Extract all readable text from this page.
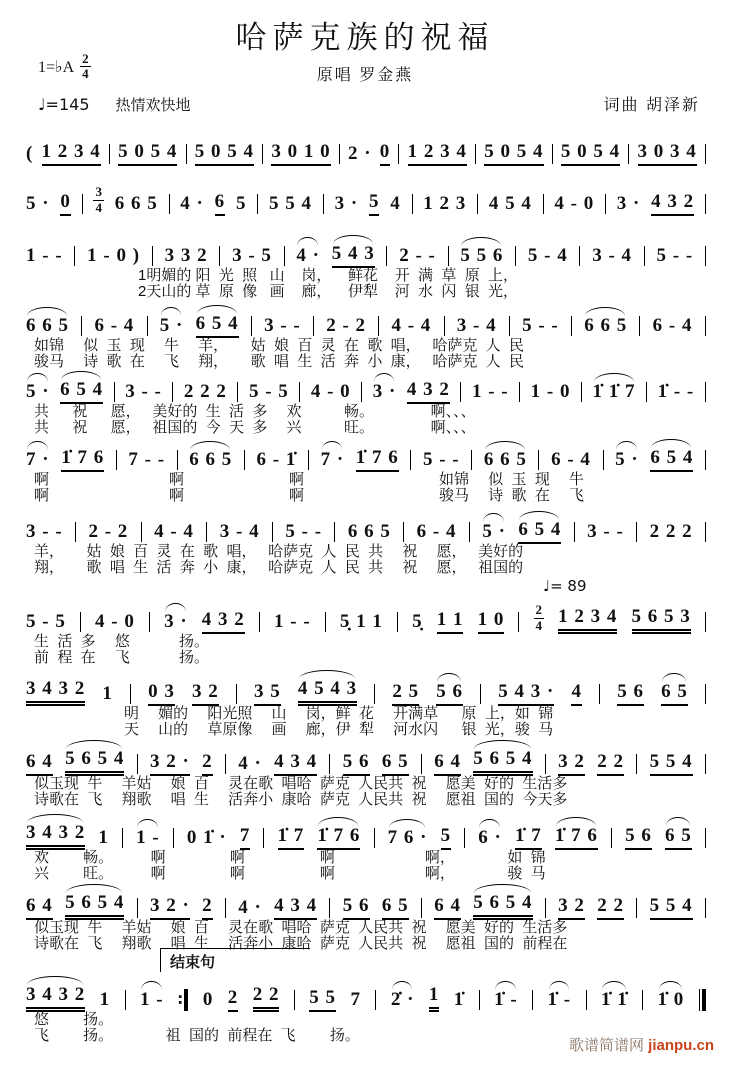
哈萨克族的祝福
原唱 罗金燕
1=♭A $\frac{2}{4}$
♩=145 热情欢快地	词曲 胡泽新
♩= 89
结束句
( 1 2 3 4 5 0 5 4 5 0 5 4 3 0 1 0 2 · 0 1 2 3 4 5 0 5 4 5 0 5 4 3 0 3 4
$5 \cdot 0 \frac{3}{4} 6$ 6 5 4 · 6 5 5 5 4 3 · 5 4 1 2 3 4 5 4 4 - 0 3 · 4 3 2
1 - - 1 - 0 ) 3 3 2 3 - 5 4 · 5 4 3 2 - - 5 5 6 5 - 4 3 - 4 5 - -
1明媚的 阳  光  照   山    岗，    鲜花    开  满  草  原  上，
2天山的 草  原  像   画    廊，    伊犁    河  水  闪  银  光，
6 6 5 6 - 4 5 · 6 5 4 3 - - 2 - 2 4 - 4 3 - 4 5 - - 6 6 5 6 - 4
如锦　 似  玉  现　 牛　 羊，　　姑  娘  百  灵  在  歌  唱，　 哈萨克  人  民
骏马　 诗  歌  在　 飞　 翔，　　歌  唱  生  活  奔  小  康，　 哈萨克  人  民
5 · 6 5 4 3 - - 2 2 2 5 - 5 4 - 0 3 · 4 3 2 1 - - 1 - 0 1̇ 1̇ 7 1̇ - -
共　  祝　  愿，　 美好的  生  活  多　 欢　　   畅。　　　　 啊、、、
共　  祝　  愿，　 祖国的  今  天  多　 兴　　   旺。　　　　 啊、、、
7 · 1̇ 7 6 7 - - 6 6 5 6 - 1̇ 7 · 1̇ 7 6 5 - - 6 6 5 6 - 4 5 · 6 5 4
啊　　　　　　　　啊　　　　　　　啊　　　　　　　　　如锦　 似  玉  现　 牛
啊　　　　　　　　啊　　　　　　　啊　　　　　　　　　骏马　 诗  歌  在　 飞
3 - - 2 - 2 4 - 4 3 - 4 5 - - 6 6 5 6 - 4 5 · 6 5 4 3 - - 2 2 2
羊，　　姑  娘  百  灵  在  歌  唱，　 哈萨克  人  民  共　 祝　 愿，　 美好的
翔，　　歌  唱  生  活  奔  小  康，　 哈萨克  人  民  共　 祝　 愿，　 祖国的
5 - 5 4 - 0 3 · 4 3 2 1 - - 5̣ 1 1 5̣ 1 1 1 $0 \frac{2}{4} 1$ 2 3 4 5 6 5 3
生  活  多　 悠　　　 扬。
前  程  在　 飞　　　 扬。
3 4 3 2 1 0 3 3 2 3 5 4 5 4 3 2 5 5 6 5 4 3 · 4 5 6 6 5
明　 媚的　 阳光照　 山　 岗，鲜  花　 开满草　  原  上，如  锦
天　 山的　 草原像　 画　 廊，伊  犁　 河水闪　  银  光，骏  马
6 4 5 6 5 4 3 2 · 2 4 · 4 3 4 5 6 6 5 6 4 5 6 5 4 3 2 2 2 5 5 4
似玉现  牛　 羊姑　 娘  百　 灵在歌  唱哈  萨克  人民共  祝　 愿美  好的  生活多
诗歌在  飞　 翔歌　 唱  生　 活奔小  康哈  萨克  人民共  祝　 愿祖  国的  今天多
3 4 3 2 1 1 - 0 1̇ · 7 1̇ 7 1̇ 7 6 7 6 · 5 6 · 1̇ 7 1̇ 7 6 5 6 6 5
欢　　 畅。　　　啊　　　　 啊　　　　　啊　　　　　　啊，　　　　如  锦
兴　　 旺。　　　啊　　　　 啊　　　　　啊　　　　　　啊，　　　　骏  马
6 4 5 6 5 4 3 2 · 2 4 · 4 3 4 5 6 6 5 6 4 5 6 5 4 3 2 2 2 5 5 4
似玉现  牛　 羊姑　 娘  百　 灵在歌  唱哈  萨克  人民共  祝　 愿美  好的  生活多
诗歌在  飞　 翔歌　 唱  生　 活奔小  康哈  萨克  人民共  祝　 愿祖  国的  前程在
3 4 3 2 1 1 - ∶ 0 2 2 2 5 5 7 2̇ · 1 1̇ 1̇ - 1̇ - 1̇ 1̇ 1̇ 0
悠　　 扬。
飞　　 扬。　　　　祖  国的  前程在  飞　　 扬。
歌谱简谱网 jianpu.cn
